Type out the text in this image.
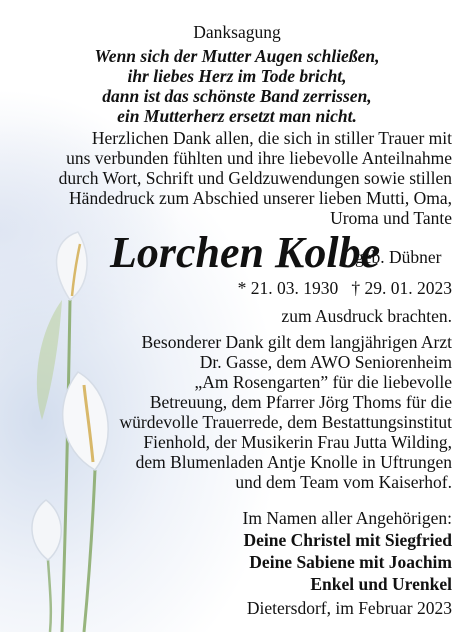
Danksagung
Wenn sich der Mutter Augen schließen,
ihr liebes Herz im Tode bricht,
dann ist das schönste Band zerrissen,
ein Mutterherz ersetzt man nicht.
Herzlichen Dank allen, die sich in stiller Trauer mit
uns verbunden fühlten und ihre liebevolle Anteilnahme
durch Wort, Schrift und Geldzuwendungen sowie stillen
Händedruck zum Abschied unserer lieben Mutti, Oma,
Uroma und Tante
Lorchen Kolbe
geb. Dübner
* 21. 03. 1930   † 29. 01. 2023
zum Ausdruck brachten.
Besonderer Dank gilt dem langjährigen Arzt
Dr. Gasse, dem AWO Seniorenheim
„Am Rosengarten” für die liebevolle
Betreuung, dem Pfarrer Jörg Thoms für die
würdevolle Trauerrede, dem Bestattungsinstitut
Fienhold, der Musikerin Frau Jutta Wilding,
dem Blumenladen Antje Knolle in Uftrungen
und dem Team vom Kaiserhof.
Im Namen aller Angehörigen:
Deine Christel mit Siegfried
Deine Sabiene mit Joachim
Enkel und Urenkel
Dietersdorf, im Februar 2023
